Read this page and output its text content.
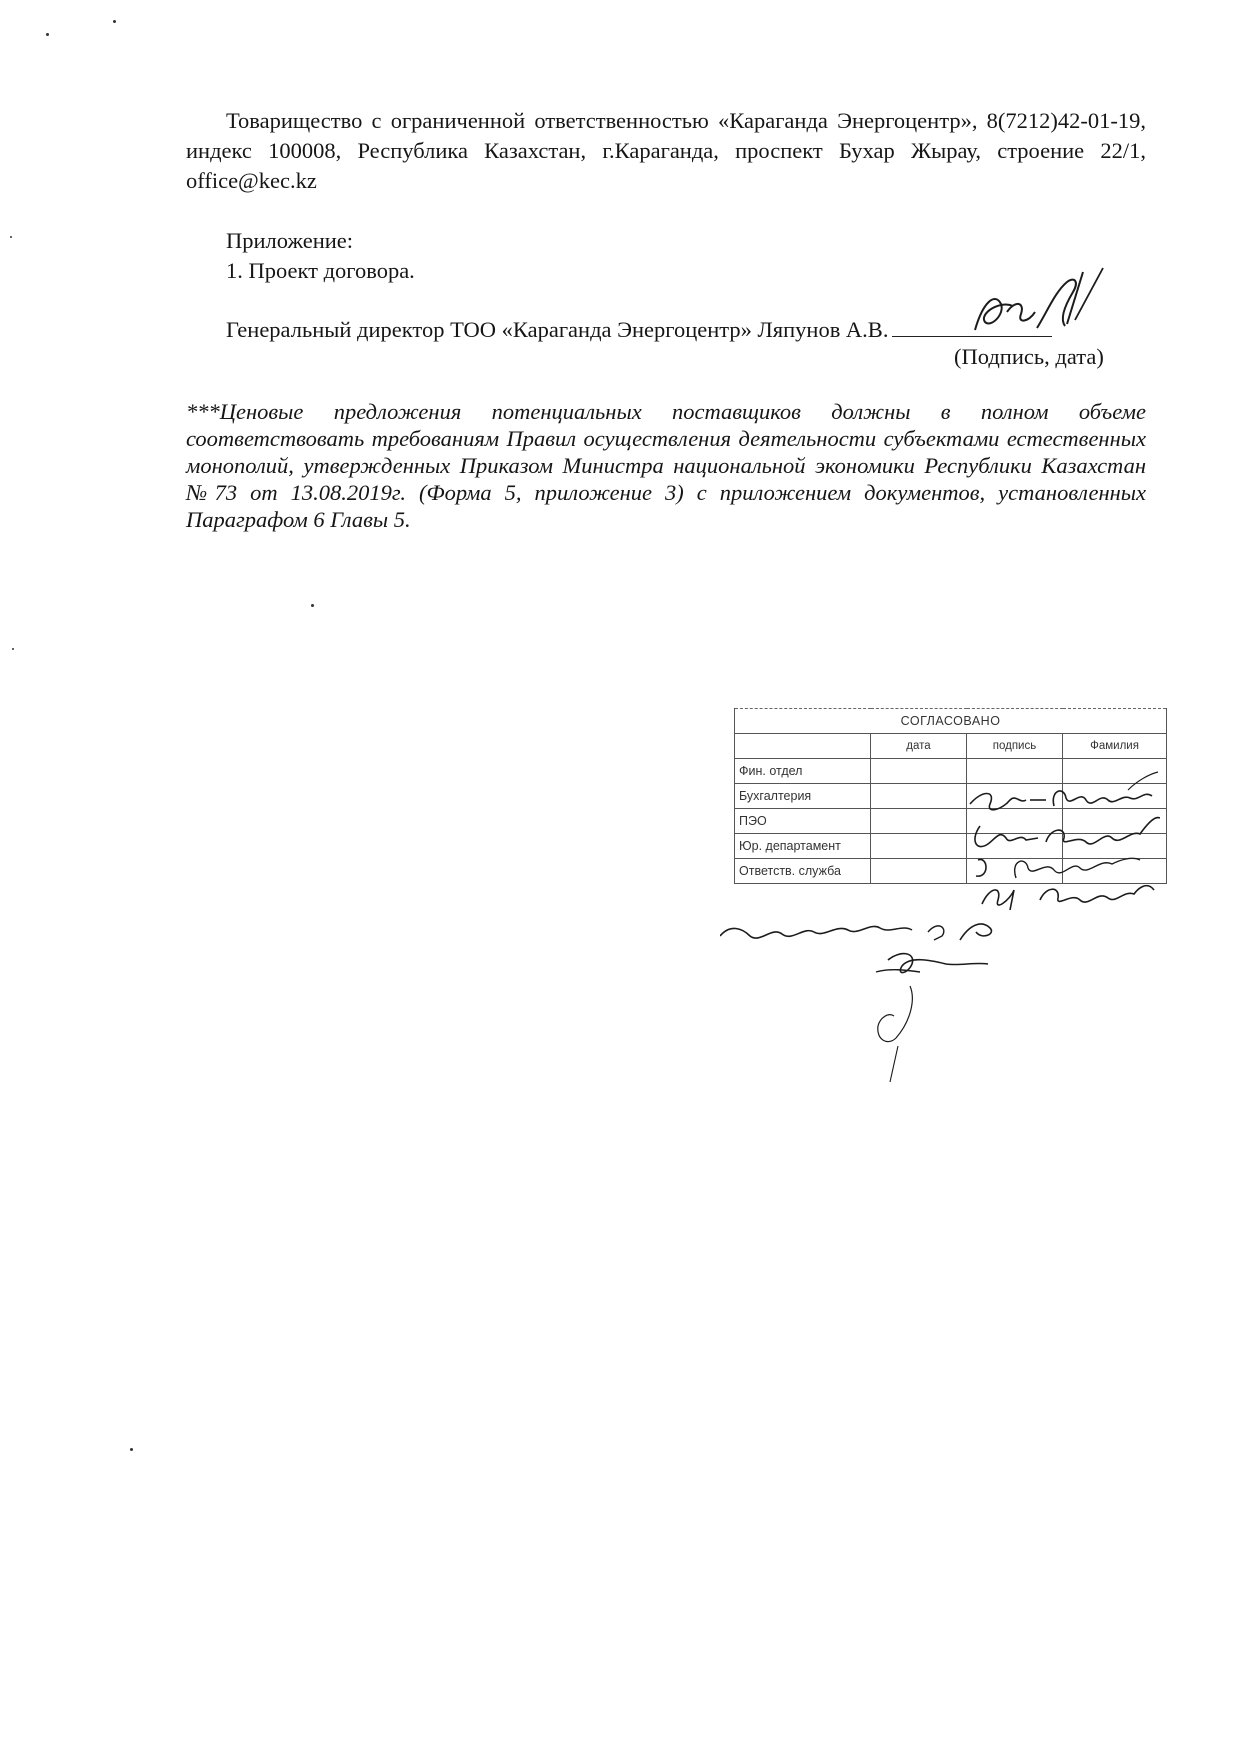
Товарищество с ограниченной ответственностью «Караганда Энергоцентр», 8(7212)42-01-19, индекс 100008, Республика Казахстан, г.Караганда, проспект Бухар Жырау, строение 22/1, office@kec.kz
Приложение:
1. Проект договора.
Генеральный директор ТОО «Караганда Энергоцентр» Ляпунов А.В.
(Подпись, дата)
***Ценовые предложения потенциальных поставщиков должны в полном объеме соответствовать требованиям Правил осуществления деятельности субъектами естественных монополий, утвержденных Приказом Министра национальной экономики Республики Казахстан №73 от 13.08.2019г. (Форма 5, приложение 3) с приложением документов, установленных Параграфом 6 Главы 5.
СОГЛАСОВАНО			
	дата	подпись	Фамилия
Фин. отдел			
Бухгалтерия			
ПЭО			
Юр. департамент			
Ответств. служба			
